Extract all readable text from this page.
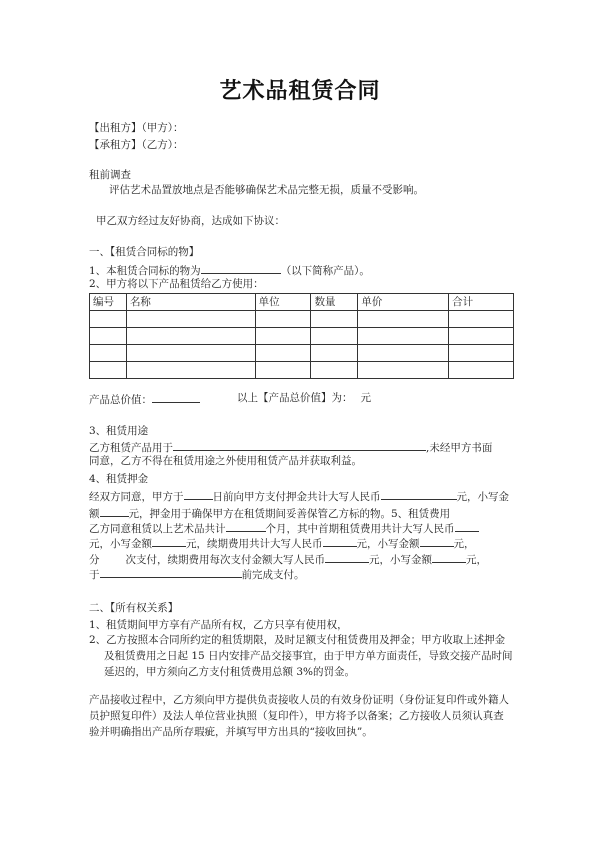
艺术品租赁合同
【出租方】（甲方）：
【承租方】（乙方）：
租前调查
评估艺术品置放地点是否能够确保艺术品完整无损，质量不受影响。
甲乙双方经过友好协商，达成如下协议：
一、【租赁合同标的物】
1、本租赁合同标的物为	（以下简称产品）。
2、甲方将以下产品租赁给乙方使用：
编号	名称	单位	数量	单价	合计

产品总价值：	以上【产品总价值】为： 元
3、租赁用途
乙方租赁产品用于	,未经甲方书面
同意，乙方不得在租赁用途之外使用租赁产品并获取利益。
4、租赁押金
经双方同意，甲方于	日前向甲方支付押金共计大写人民币	元，小写金
额	元，押金用于确保甲方在租赁期间妥善保管乙方标的物。5、租赁费用
乙方同意租赁以上艺术品共计	个月，其中首期租赁费用共计大写人民币
元，小写金额	元，续期费用共计大写人民币	元，小写金额	元，
分 次支付，续期费用每次支付金额大写人民币	元，小写金额	元，
于	前完成支付。
二、【所有权关系】
1、租赁期间甲方享有产品所有权，乙方只享有使用权，
2、乙方按照本合同所约定的租赁期限，及时足额支付租赁费用及押金；甲方收取上述押金
及租赁费用之日起 15 日内安排产品交接事宜，由于甲方单方面责任，导致交接产品时间
延迟的，甲方须向乙方支付租赁费用总额 3%的罚金。
产品接收过程中，乙方须向甲方提供负责接收人员的有效身份证明（身份证复印件或外籍人
员护照复印件）及法人单位营业执照（复印件），甲方将予以备案；乙方接收人员须认真查
验并明确指出产品所存瑕疵，并填写甲方出具的“接收回执”。
